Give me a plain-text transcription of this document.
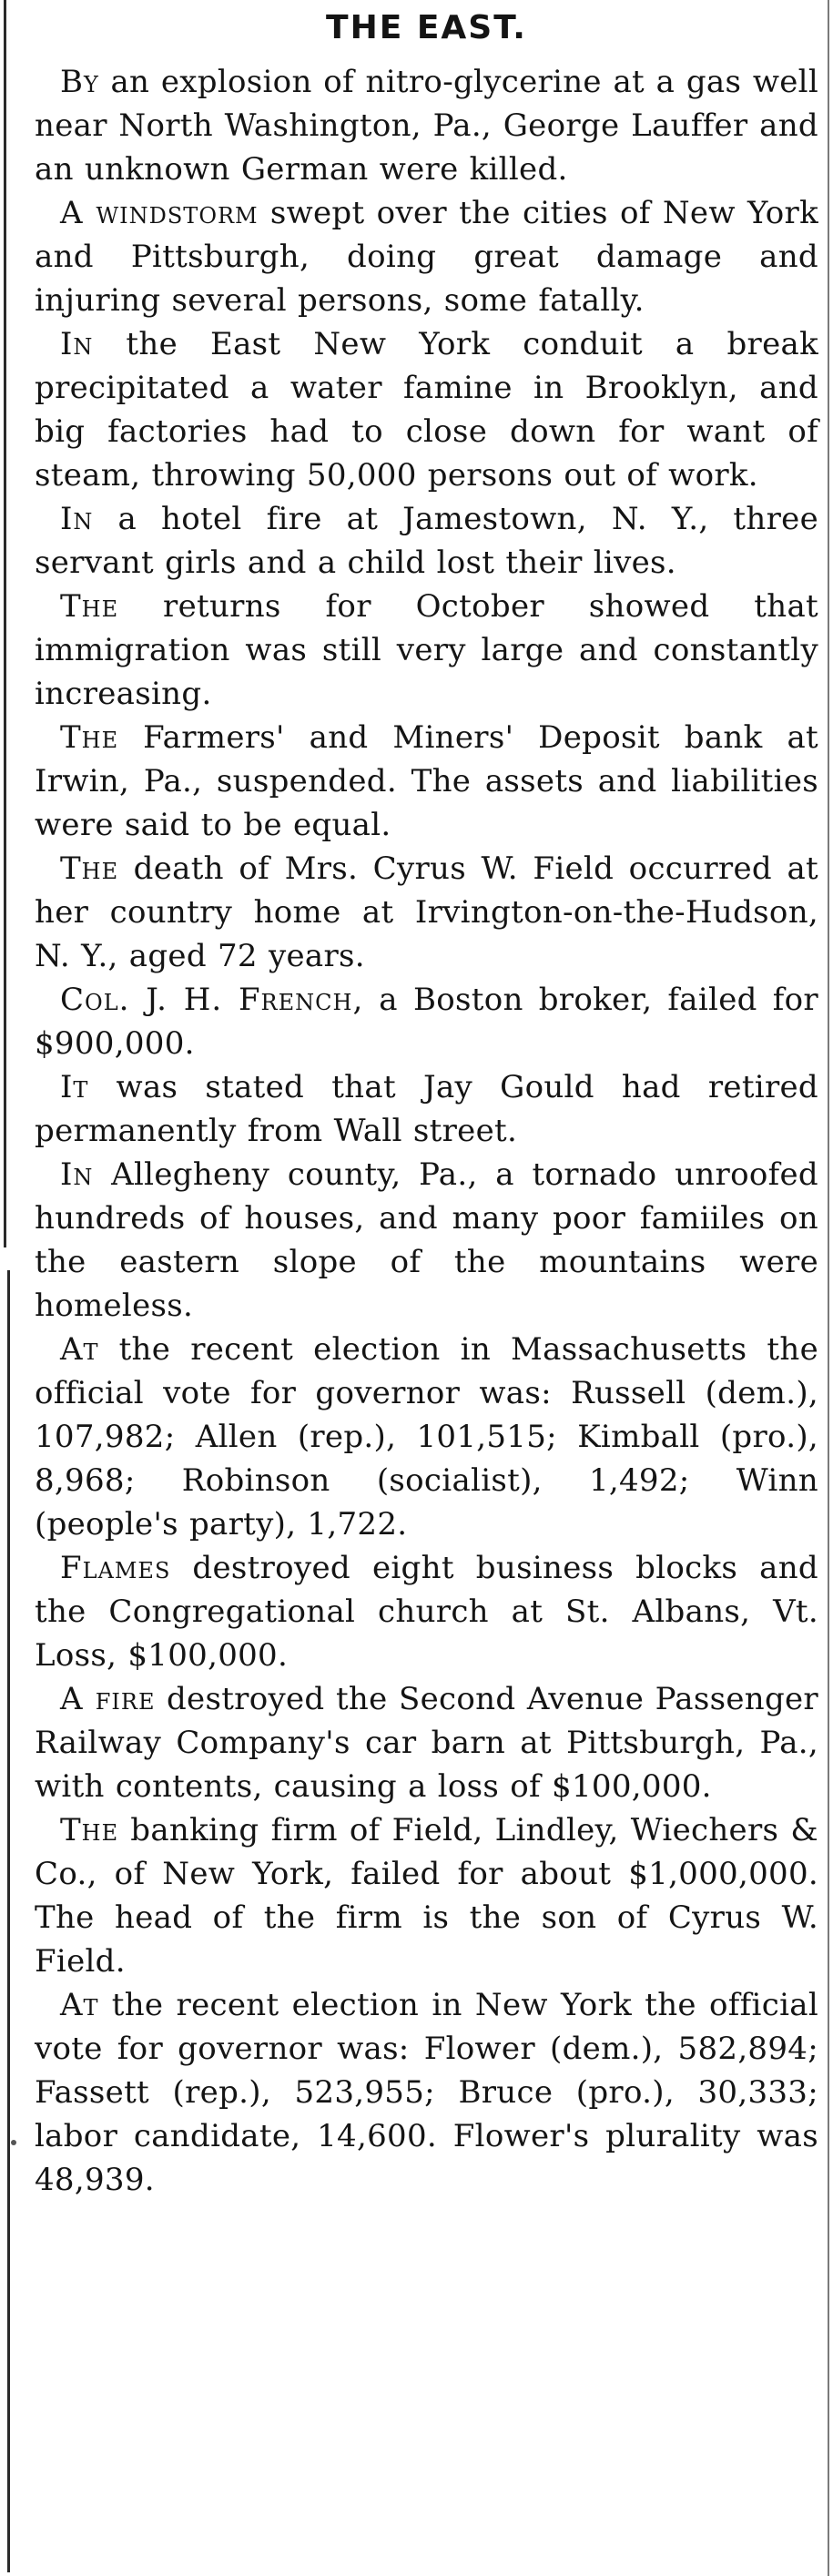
THE EAST.

By an explosion of nitro-glycerine at a gas well near North Washington, Pa., George Lauffer and an unknown German were killed.

A windstorm swept over the cities of New York and Pittsburgh, doing great damage and injuring several persons, some fatally.

In the East New York conduit a break precipitated a water famine in Brooklyn, and big factories had to close down for want of steam, throwing 50,000 persons out of work.

In a hotel fire at Jamestown, N. Y., three servant girls and a child lost their lives.

The returns for October showed that immigration was still very large and constantly increasing.

The Farmers' and Miners' Deposit bank at Irwin, Pa., suspended. The assets and liabilities were said to be equal.

The death of Mrs. Cyrus W. Field occurred at her country home at Irvington-on-the-Hudson, N. Y., aged 72 years.

Col. J. H. French, a Boston broker, failed for $900,000.

It was stated that Jay Gould had retired permanently from Wall street.

In Allegheny county, Pa., a tornado unroofed hundreds of houses, and many poor famiiles on the eastern slope of the mountains were homeless.

At the recent election in Massachusetts the official vote for governor was: Russell (dem.), 107,982; Allen (rep.), 101,515; Kimball (pro.), 8,968; Robinson (socialist), 1,492; Winn (people's party), 1,722.

Flames destroyed eight business blocks and the Congregational church at St. Albans, Vt. Loss, $100,000.

A fire destroyed the Second Avenue Passenger Railway Company's car barn at Pittsburgh, Pa., with contents, causing a loss of $100,000.

The banking firm of Field, Lindley, Wiechers & Co., of New York, failed for about $1,000,000. The head of the firm is the son of Cyrus W. Field.

At the recent election in New York the official vote for governor was: Flower (dem.), 582,894; Fassett (rep.), 523,955; Bruce (pro.), 30,333; labor candidate, 14,600. Flower's plurality was 48,939.
